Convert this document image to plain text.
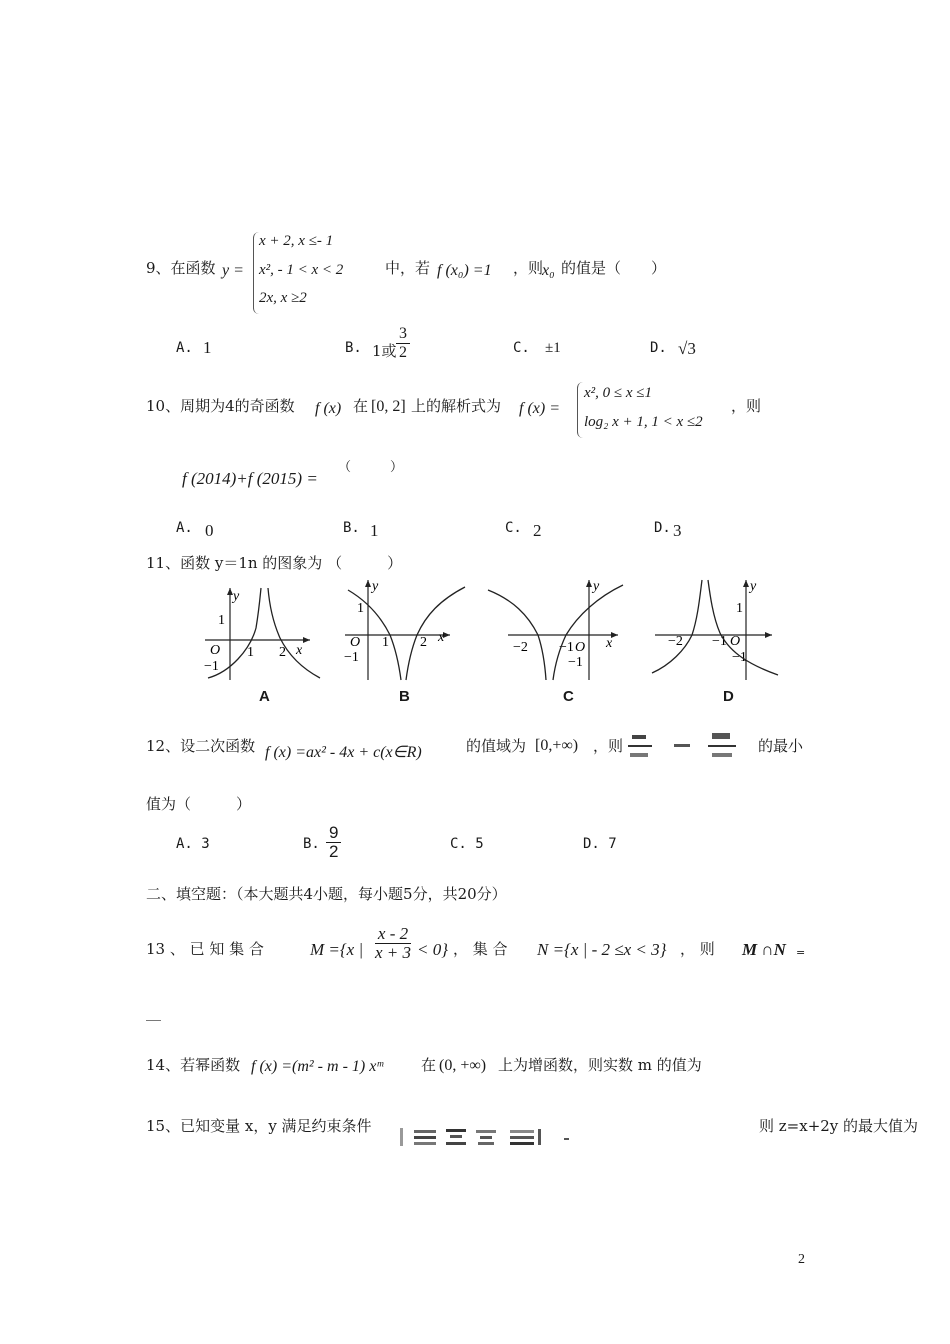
9、在函数 y =
x + 2, x ≤- 1
x², ‑ 1 < x < 2
2x, x ≥2
中，若 f (x₀) =1 ，则
x₀ 的值是（　　）
A. 1	B. 1或 $\frac{3}{2}$	C. ±1	D. √3
10、周期为4的奇函数 f (x) 在 [0, 2] 上的解析式为 f (x) =
x², 0 ≤ x ≤1
log₂ x + 1, 1 < x ≤2
，则
f (2014)+f (2015) =
（　　　）
A. 0	B. 1	C. 2	D. 3
11、函数 y＝1n 的图象为 （　　　）
y
x
1
O
−1
1 2
A
y
x
1
O
−1
1 2
B
y
x
−2 −1 O
−1
C
y
1
−2 −1 O
−1
D
12、设二次函数 f (x) =ax² - 4x + c(x∈R)	的值域为 [0,+∞) ，则	的最小
值为（　　　）
A. 3	B. $\frac{9}{2}$	C. 5	D. 7
二、填空题：（本大题共4小题，每小题5分，共20分）
13 、 已 知 集 合	M ={x | $\frac{x - 2}{x + 3} < 0$} ， 集 合 N ={x | - 2 ≤x < 3} ， 则 M ∩N =
__
14、若幂函数 f (x) =(m² - m - 1) xᵐ	在 (0, +∞) 上为增函数，则实数 m 的值为
15、已知变量 x，y 满足约束条件	则 z=x+2y 的最大值为
2
